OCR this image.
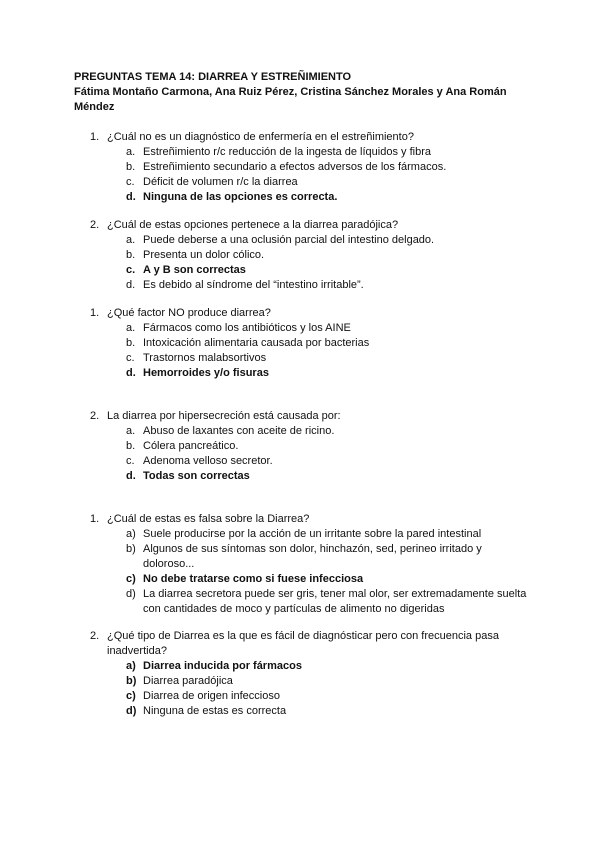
PREGUNTAS TEMA 14: DIARREA Y ESTREÑIMIENTO
Fátima Montaño Carmona, Ana Ruiz Pérez, Cristina Sánchez Morales y Ana Román Méndez
1. ¿Cuál no es un diagnóstico de enfermería en el estreñimiento?
a. Estreñimiento r/c reducción de la ingesta de líquidos y fibra
b. Estreñimiento secundario a efectos adversos de los fármacos.
c. Déficit de volumen r/c la diarrea
d. Ninguna de las opciones es correcta.
2. ¿Cuál de estas opciones pertenece a la diarrea paradójica?
a. Puede deberse a una oclusión parcial del intestino delgado.
b. Presenta un dolor cólico.
c. A y B son correctas
d. Es debido al síndrome del “intestino irritable”.
1. ¿Qué factor NO produce diarrea?
a. Fármacos como los antibióticos y los AINE
b. Intoxicación alimentaria causada por bacterias
c. Trastornos malabsortivos
d. Hemorroides y/o fisuras
2. La diarrea por hipersecreción está causada por:
a. Abuso de laxantes con aceite de ricino.
b. Cólera pancreático.
c. Adenoma velloso secretor.
d. Todas son correctas
1. ¿Cuál de estas es falsa sobre la Diarrea?
a) Suele producirse por la acción de un irritante sobre la pared intestinal
b) Algunos de sus síntomas son dolor, hinchazón, sed, perineo irritado y doloroso...
c) No debe tratarse como si fuese infecciosa
d) La diarrea secretora puede ser gris, tener mal olor, ser extremadamente suelta con cantidades de moco y partículas de alimento no digeridas
2. ¿Qué tipo de Diarrea es la que es fácil de diagnósticar pero con frecuencia pasa inadvertida?
a) Diarrea inducida por fármacos
b) Diarrea paradójica
c) Diarrea de origen infeccioso
d) Ninguna de estas es correcta
